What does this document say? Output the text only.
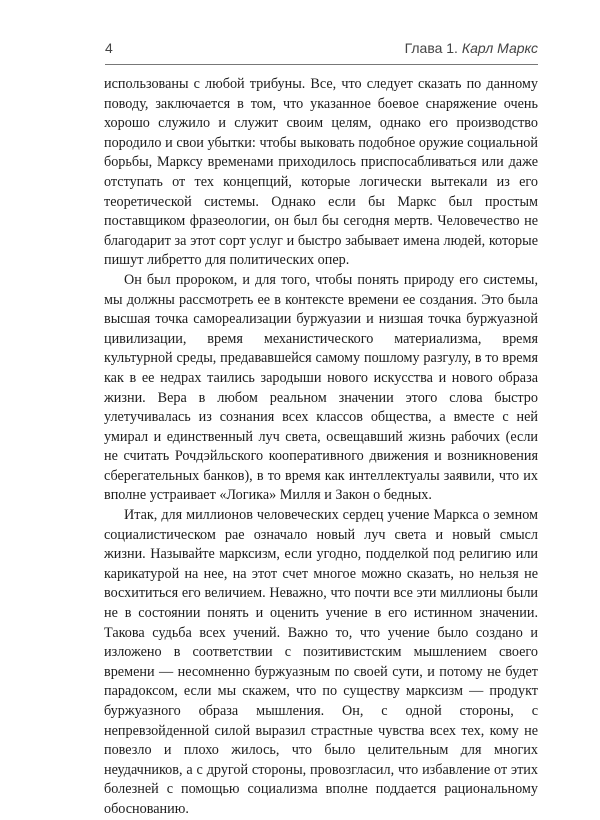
4	Глава 1. Карл Маркс

использованы с любой трибуны. Все, что следует сказать по данному поводу, заключается в том, что указанное боевое снаряжение очень хорошо служило и служит своим целям, однако его производство породило и свои убытки: чтобы выковать подобное оружие социальной борьбы, Марксу временами приходилось приспосабливаться или даже отступать от тех концепций, которые логически вытекали из его теоретической системы. Однако если бы Маркс был простым поставщиком фразеологии, он был бы сегодня мертв. Человечество не благодарит за этот сорт услуг и быстро забывает имена людей, которые пишут либретто для политических опер.

Он был пророком, и для того, чтобы понять природу его системы, мы должны рассмотреть ее в контексте времени ее создания. Это была высшая точка самореализации буржуазии и низшая точка буржуазной цивилизации, время механистического материализма, время культурной среды, предававшейся самому пошлому разгулу, в то время как в ее недрах таились зародыши нового искусства и нового образа жизни. Вера в любом реальном значении этого слова быстро улетучивалась из сознания всех классов общества, а вместе с ней умирал и единственный луч света, освещавший жизнь рабочих (если не считать Рочдэйльского кооперативного движения и возникновения сберегательных банков), в то время как интеллектуалы заявили, что их вполне устраивает «Логика» Милля и Закон о бедных.

Итак, для миллионов человеческих сердец учение Маркса о земном социалистическом рае означало новый луч света и новый смысл жизни. Называйте марксизм, если угодно, подделкой под религию или карикатурой на нее, на этот счет многое можно сказать, но нельзя не восхититься его величием. Неважно, что почти все эти миллионы были не в состоянии понять и оценить учение в его истинном значении. Такова судьба всех учений. Важно то, что учение было создано и изложено в соответствии с позитивистским мышлением своего времени — несомненно буржуазным по своей сути, и потому не будет парадоксом, если мы скажем, что по существу марксизм — продукт буржуазного образа мышления. Он, с одной стороны, с непревзойденной силой выразил страстные чувства всех тех, кому не повезло и плохо жилось, что было целительным для многих неудачников, а с другой стороны, провозгласил, что избавление от этих болезней с помощью социализма вполне поддается рациональному обоснованию.
